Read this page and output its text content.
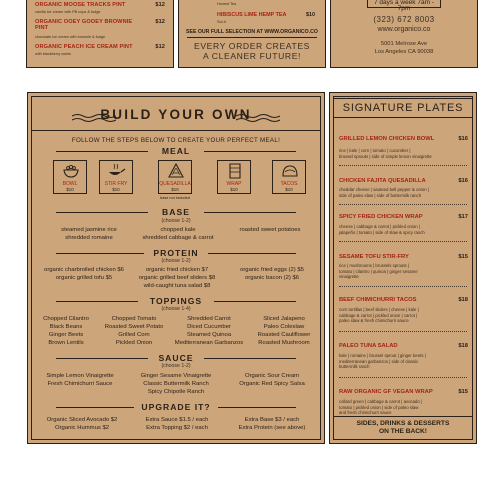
ORGANIC MOOSE TRACKS PINT	$12
vanilla ice cream with PB cups & fudge
ORGANIC OOEY GOOEY BROWNIE PINT
$12
chocolate ice cream with brownie & fudge
ORGANIC PEACH ICE CREAM PINT	$12
with blackberry swirls
Honest Tea
HIBISCUS LIME HEMP TEA	$10
Sol-ti
SEE OUR FULL SELECTION AT WWW.ORGANICO.CO
EVERY ORDER CREATES
A CLEANER FUTURE!
7 days a week 7am - 7pm
(323) 672 8003
www.organico.co
5001 Melrose Ave
Los Angeles CA 90038
BUILD YOUR OWN
FOLLOW THE STEPS BELOW TO CREATE YOUR PERFECT MEAL!
MEAL
BOWL
$10
STIR FRY
$10
QUESADILLA
$10
WRAP
$10
TACOS
$10
base not included
BASE
(choose 1-2)
steamed jasmine rice
shredded romaine
chopped kale
shredded cabbage & carrot
roasted sweet potatoes
PROTEIN
(choose 1-2)
organic charbroiled chicken $6
organic grilled tofu $5
organic fried chicken $7
organic grilled beef sliders $8
wild-caught tuna salad $8
organic fried eggs (2) $5
organic bacon (2) $6
TOPPINGS
(choose 1-4)
Chopped Cilantro
Black Beans
Ginger Beets
Brown Lentils
Chopped Tomato
Roasted Sweet Potato
Grilled Corn
Pickled Onion
Shredded Carrot
Diced Cucumber
Steamed Quinoa
Mediterranean Garbanzos
Sliced Jalapeno
Paleo Coleslaw
Roasted Cauliflower
Roasted Mushroom
SAUCE
(choose 1-2)
Simple Lemon Vinaigrette
Fresh Chimichurri Sauce
Ginger Sesame Vinaigrette
Classic Buttermilk Ranch
Spicy Chipotle Ranch
Organic Sour Cream
Organic Red Spicy Salsa
UPGRADE IT?
Organic Sliced Avocado $2
Organic Hummus $2
Extra Sauce $1.5 / each
Extra Topping $2 / each
Extra Base $3 / each
Extra Protein (see above)
SIGNATURE PLATES
GRILLED LEMON CHICKEN BOWL	$16
rice | kale | corn | tomato | cucumber |
brussel sprouts | side of simple lemon vinaigrette
CHICKEN FAJITA QUESADILLA	$16
cheddar cheese | sauteed bell pepper & onion |
side of paleo slaw | side of buttermilk ranch
SPICY FRIED CHICKEN WRAP	$17
cheese | cabbage & carrot | pickled onion |
jalapeño | tomato | side of slaw & spicy ranch
SESAME TOFU STIR-FRY	$15
rice | mushrooms | brussels sprouts |
tomato | cilantro | quinoa | ginger sesame
vinaigrette
BEEF CHIMICHURRI TACOS	$18
corn tortillas | beef sliders | cheese | kale |
cabbage & carrot | pickled onion | carrot |
paleo slaw & fresh chimichurri sauce
PALEO TUNA SALAD	$18
kale | romaine | brussel sprout | ginger beets |
mediterranean garbanzos | side of classic
buttermilk ranch
RAW ORGANIC GF VEGAN WRAP	$15
collard green | cabbage & carrot | avocado |
tomato | pickled onion | side of paleo slaw
and fresh chimichurri sauce
SIDES, DRINKS & DESSERTS
ON THE BACK!
